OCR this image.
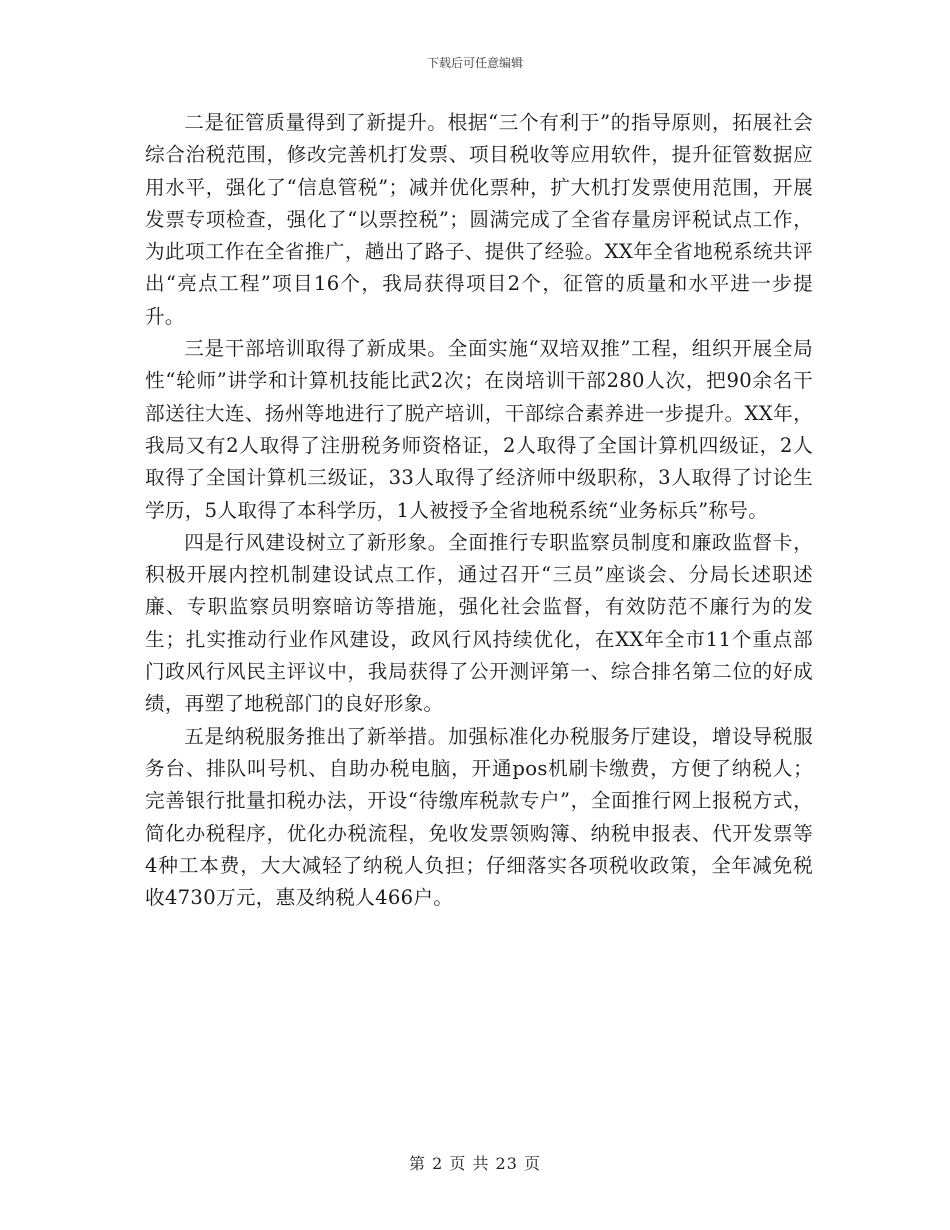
下载后可任意编辑

二是征管质量得到了新提升。根据“三个有利于”的指导原则，拓展社会综合治税范围，修改完善机打发票、项目税收等应用软件，提升征管数据应用水平，强化了“信息管税”；减并优化票种，扩大机打发票使用范围，开展发票专项检查，强化了“以票控税”；圆满完成了全省存量房评税试点工作，为此项工作在全省推广，趟出了路子、提供了经验。XX年全省地税系统共评出“亮点工程”项目16个，我局获得项目2个，征管的质量和水平进一步提升。

三是干部培训取得了新成果。全面实施“双培双推”工程，组织开展全局性“轮师”讲学和计算机技能比武2次；在岗培训干部280人次，把90余名干部送往大连、扬州等地进行了脱产培训，干部综合素养进一步提升。XX年，我局又有2人取得了注册税务师资格证，2人取得了全国计算机四级证，2人取得了全国计算机三级证，33人取得了经济师中级职称，3人取得了讨论生学历，5人取得了本科学历，1人被授予全省地税系统“业务标兵”称号。

四是行风建设树立了新形象。全面推行专职监察员制度和廉政监督卡，积极开展内控机制建设试点工作，通过召开“三员”座谈会、分局长述职述廉、专职监察员明察暗访等措施，强化社会监督，有效防范不廉行为的发生；扎实推动行业作风建设，政风行风持续优化，在XX年全市11个重点部门政风行风民主评议中，我局获得了公开测评第一、综合排名第二位的好成绩，再塑了地税部门的良好形象。

五是纳税服务推出了新举措。加强标准化办税服务厅建设，增设导税服务台、排队叫号机、自助办税电脑，开通pos机刷卡缴费，方便了纳税人；完善银行批量扣税办法，开设“待缴库税款专户”，全面推行网上报税方式，简化办税程序，优化办税流程，免收发票领购簿、纳税申报表、代开发票等4种工本费，大大减轻了纳税人负担；仔细落实各项税收政策，全年减免税收4730万元，惠及纳税人466户。

第 2 页 共 23 页
